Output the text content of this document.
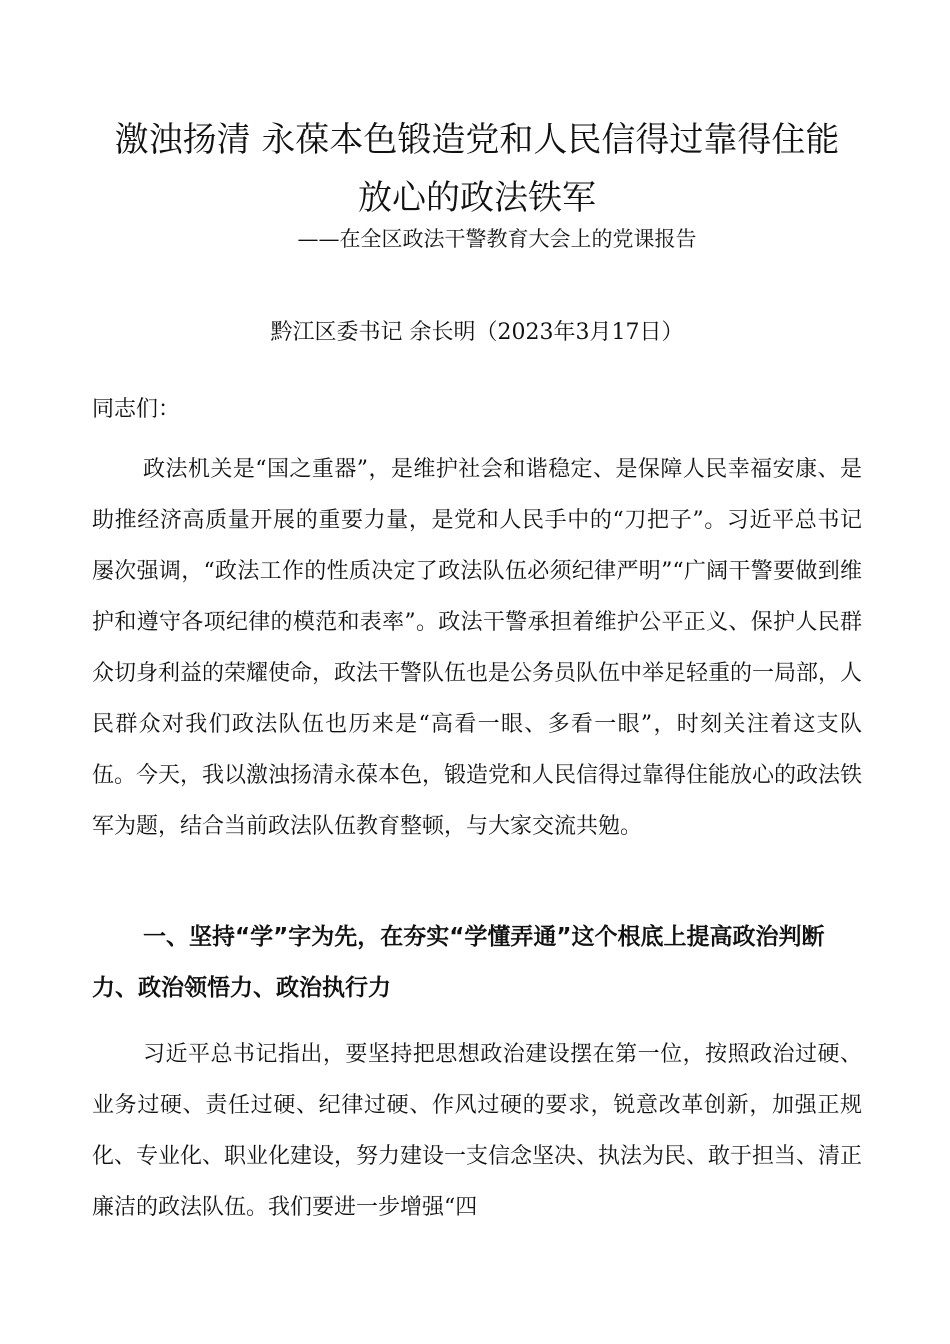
激浊扬清 永葆本色锻造党和人民信得过靠得住能
放心的政法铁军
——在全区政法干警教育大会上的党课报告
黔江区委书记 余长明（2023年3月17日）
同志们：

政法机关是“国之重器”，是维护社会和谐稳定、是保障人民幸福安康、是助推经济高质量开展的重要力量，是党和人民手中的“刀把子”。习近平总书记屡次强调，“政法工作的性质决定了政法队伍必须纪律严明”“广阔干警要做到维护和遵守各项纪律的模范和表率”。政法干警承担着维护公平正义、保护人民群众切身利益的荣耀使命，政法干警队伍也是公务员队伍中举足轻重的一局部，人民群众对我们政法队伍也历来是“高看一眼、多看一眼”，时刻关注着这支队伍。今天，我以激浊扬清永葆本色，锻造党和人民信得过靠得住能放心的政法铁军为题，结合当前政法队伍教育整顿，与大家交流共勉。

一、坚持“学”字为先，在夯实“学懂弄通”这个根底上提高政治判断力、政治领悟力、政治执行力

习近平总书记指出，要坚持把思想政治建设摆在第一位，按照政治过硬、业务过硬、责任过硬、纪律过硬、作风过硬的要求，锐意改革创新，加强正规化、专业化、职业化建设，努力建设一支信念坚决、执法为民、敢于担当、清正廉洁的政法队伍。我们要进一步增强“四
